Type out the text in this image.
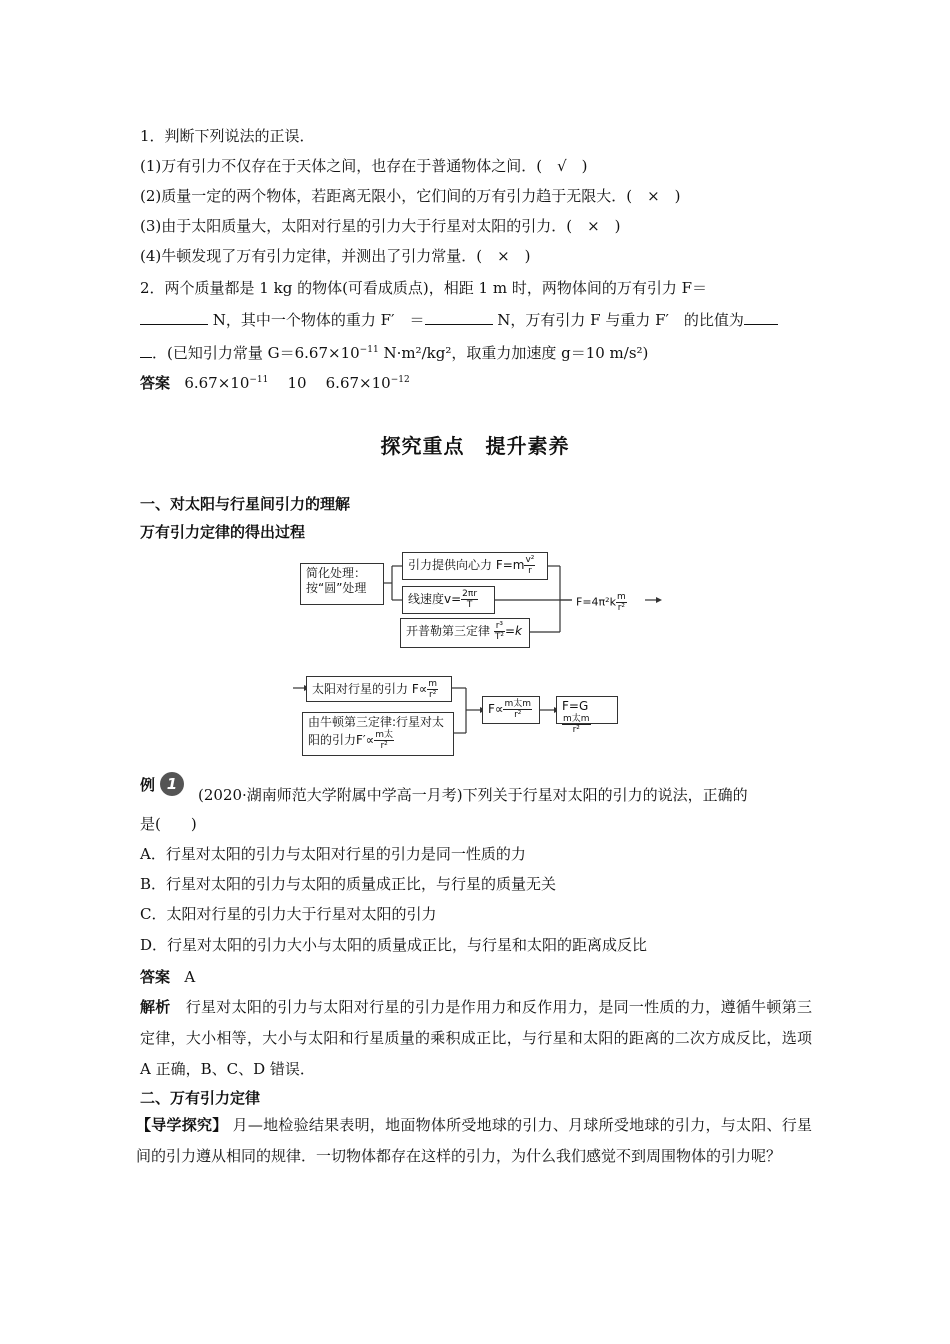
1．判断下列说法的正误．
(1)万有引力不仅存在于天体之间，也存在于普通物体之间．(　√　)
(2)质量一定的两个物体，若距离无限小，它们间的万有引力趋于无限大．(　×　)
(3)由于太阳质量大，太阳对行星的引力大于行星对太阳的引力．(　×　)
(4)牛顿发现了万有引力定律，并测出了引力常量．(　×　)
2．两个质量都是 1 kg 的物体(可看成质点)，相距 1 m 时，两物体间的万有引力 F＝
N，其中一个物体的重力 F′　＝	N，万有引力 F 与重力 F′　的比值为
．(已知引力常量 $G=6.67\times 10^{-11}$ N·m²/kg²，取重力加速度 g＝10 m/s²)
答案 $6.67\times 10^{-11}$ 10 $6.67\times 10^{-12}$
探究重点　提升素养
一、对太阳与行星间引力的理解
万有引力定律的得出过程
简化处理：
按“圆”处理
引力提供向心力 $F=m \frac{\text{v²}}{r}$
线速度$v= \frac{2\pi r}{T}$
开普勒第三定律 $\frac{\text{r³}}{\text{T²}} =k$
$F=4\pi^2k \frac{m}{\text{r²}}$
太阳对行星的引力 $F\propto \frac{m}{\text{r²}}$
由牛顿第三定律:行星对太
阳的引力$F'\propto \frac{\text{m太}}{\text{r²}}$
$F\propto \frac{\text{m太m}}{\text{r²}}$	F=G
$\frac{\text{m太m}}{\text{r²}}$
例 1
(2020·湖南师范大学附属中学高一月考)下列关于行星对太阳的引力的说法，正确的
是(　　)
A．行星对太阳的引力与太阳对行星的引力是同一性质的力
B．行星对太阳的引力与太阳的质量成正比，与行星的质量无关
C．太阳对行星的引力大于行星对太阳的引力
D．行星对太阳的引力大小与太阳的质量成正比，与行星和太阳的距离成反比
答案 A
解析 行星对太阳的引力与太阳对行星的引力是作用力和反作用力，是同一性质的力，遵循牛顿第三定律，大小相等，大小与太阳和行星质量的乘积成正比，与行星和太阳的距离的二次方成反比，选项 A 正确，B、C、D 错误．
二、万有引力定律
【导学探究】 月—地检验结果表明，地面物体所受地球的引力、月球所受地球的引力，与太阳、行星间的引力遵从相同的规律．一切物体都存在这样的引力，为什么我们感觉不到周围物体的引力呢？
